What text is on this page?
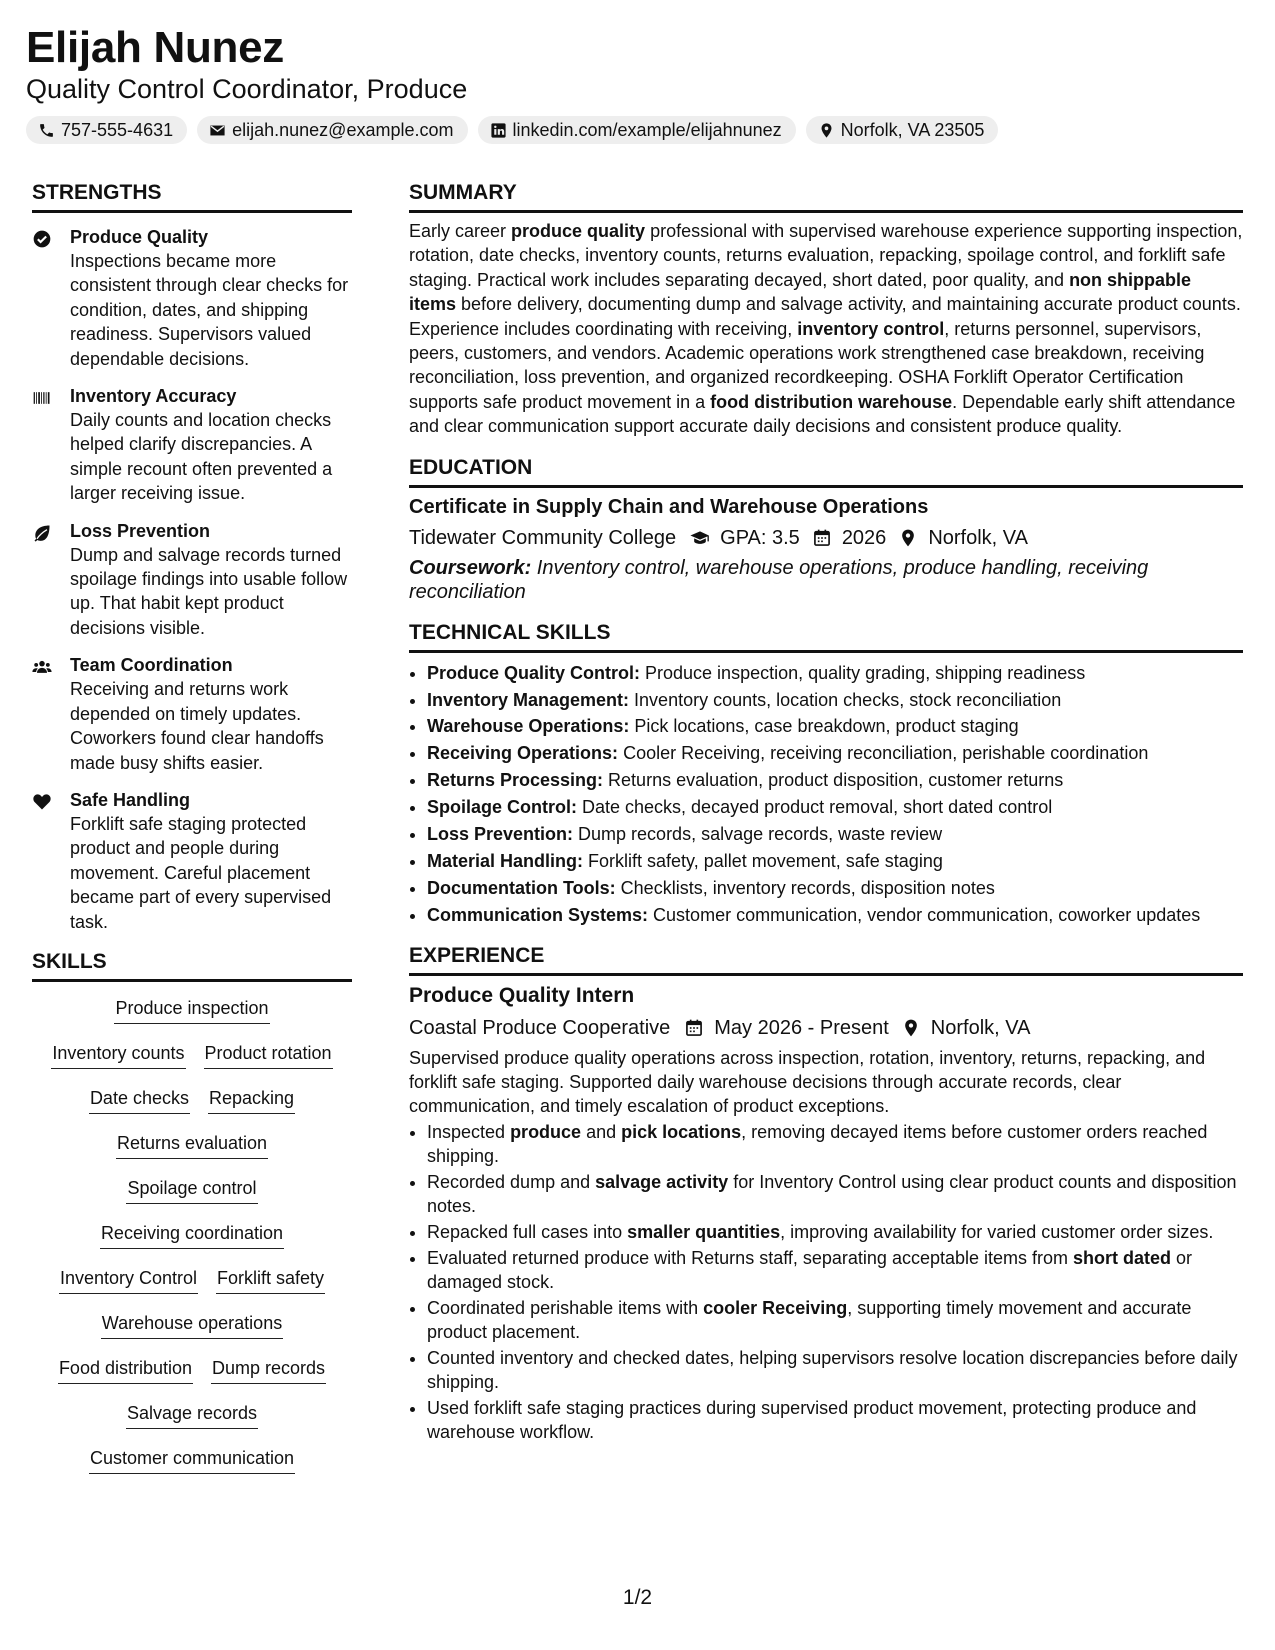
Elijah Nunez
Quality Control Coordinator, Produce
757-555-4631	elijah.nunez@example.com	linkedin.com/example/elijahnunez	Norfolk, VA 23505
STRENGTHS
Produce Quality
Inspections became more consistent through clear checks for condition, dates, and shipping readiness. Supervisors valued dependable decisions.
Inventory Accuracy
Daily counts and location checks helped clarify discrepancies. A simple recount often prevented a larger receiving issue.
Loss Prevention
Dump and salvage records turned spoilage findings into usable follow up. That habit kept product decisions visible.
Team Coordination
Receiving and returns work depended on timely updates. Coworkers found clear handoffs made busy shifts easier.
Safe Handling
Forklift safe staging protected product and people during movement. Careful placement became part of every supervised task.
SKILLS
Produce inspection
Inventory counts Product rotation
Date checks Repacking
Returns evaluation
Spoilage control
Receiving coordination
Inventory Control Forklift safety
Warehouse operations
Food distribution Dump records
Salvage records
Customer communication
SUMMARY
Early career produce quality professional with supervised warehouse experience supporting inspection, rotation, date checks, inventory counts, returns evaluation, repacking, spoilage control, and forklift safe staging. Practical work includes separating decayed, short dated, poor quality, and non shippable items before delivery, documenting dump and salvage activity, and maintaining accurate product counts. Experience includes coordinating with receiving, inventory control, returns personnel, supervisors, peers, customers, and vendors. Academic operations work strengthened case breakdown, receiving reconciliation, loss prevention, and organized recordkeeping. OSHA Forklift Operator Certification supports safe product movement in a food distribution warehouse. Dependable early shift attendance and clear communication support accurate daily decisions and consistent produce quality.
EDUCATION
Certificate in Supply Chain and Warehouse Operations
Tidewater Community College GPA: 3.5 2026 Norfolk, VA
Coursework: Inventory control, warehouse operations, produce handling, receiving reconciliation
TECHNICAL SKILLS
• Produce Quality Control: Produce inspection, quality grading, shipping readiness
• Inventory Management: Inventory counts, location checks, stock reconciliation
• Warehouse Operations: Pick locations, case breakdown, product staging
• Receiving Operations: Cooler Receiving, receiving reconciliation, perishable coordination
• Returns Processing: Returns evaluation, product disposition, customer returns
• Spoilage Control: Date checks, decayed product removal, short dated control
• Loss Prevention: Dump records, salvage records, waste review
• Material Handling: Forklift safety, pallet movement, safe staging
• Documentation Tools: Checklists, inventory records, disposition notes
• Communication Systems: Customer communication, vendor communication, coworker updates
EXPERIENCE
Produce Quality Intern
Coastal Produce Cooperative May 2026 - Present Norfolk, VA
Supervised produce quality operations across inspection, rotation, inventory, returns, repacking, and forklift safe staging. Supported daily warehouse decisions through accurate records, clear communication, and timely escalation of product exceptions.
• Inspected produce and pick locations, removing decayed items before customer orders reached shipping.
• Recorded dump and salvage activity for Inventory Control using clear product counts and disposition notes.
• Repacked full cases into smaller quantities, improving availability for varied customer order sizes.
• Evaluated returned produce with Returns staff, separating acceptable items from short dated or damaged stock.
• Coordinated perishable items with cooler Receiving, supporting timely movement and accurate product placement.
• Counted inventory and checked dates, helping supervisors resolve location discrepancies before daily shipping.
• Used forklift safe staging practices during supervised product movement, protecting produce and warehouse workflow.
1/2
